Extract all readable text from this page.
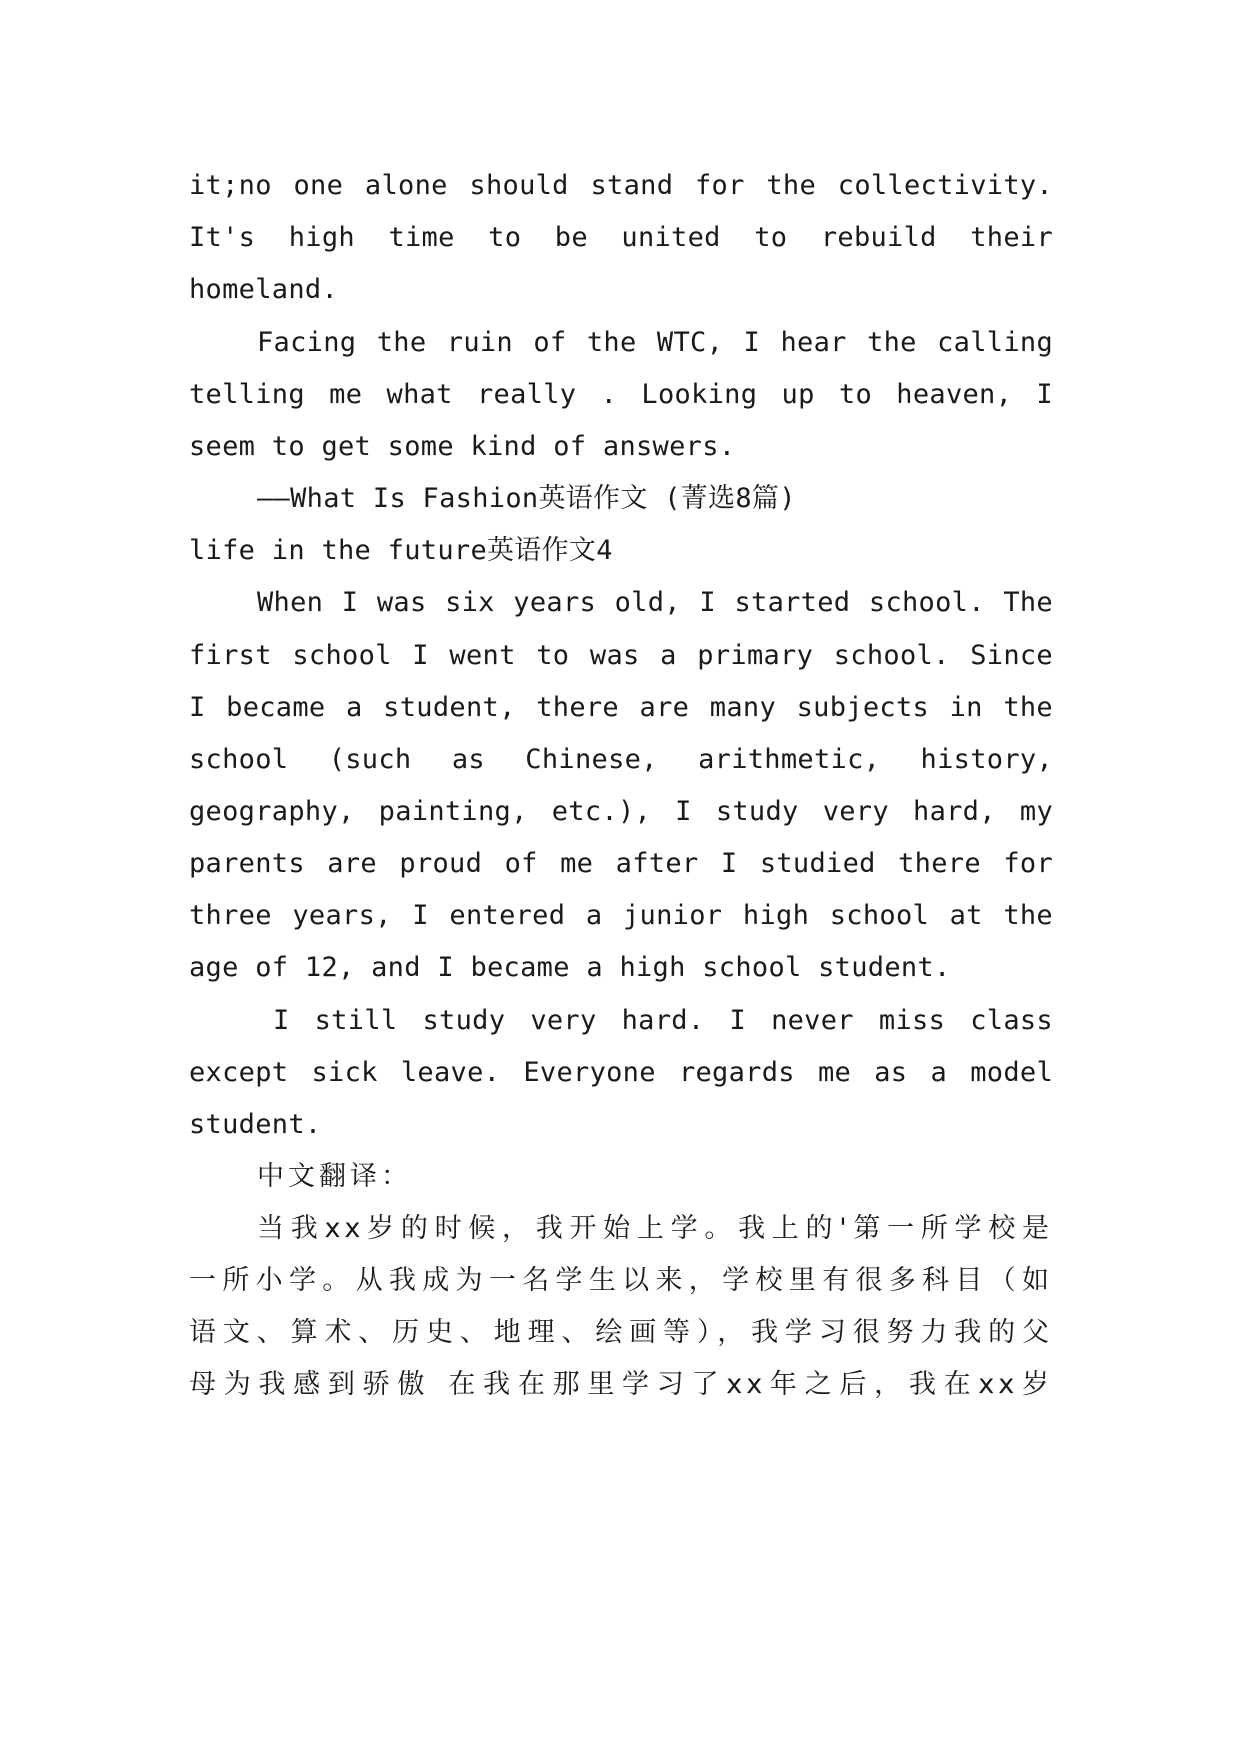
it;no one alone should stand for the collectivity.
It's high time to be united to rebuild their
homeland.
Facing the ruin of the WTC, I hear the calling
telling me what really . Looking up to heaven, I
seem to get some kind of answers.
——What Is Fashion英语作文 (菁选8篇)
life in the future英语作文4
When I was six years old, I started school. The
first school I went to was a primary school. Since
I became a student, there are many subjects in the
school (such as Chinese, arithmetic, history,
geography, painting, etc.), I study very hard, my
parents are proud of me after I studied there for
three years, I entered a junior high school at the
age of 12, and I became a high school student.
I still study very hard. I never miss class
except sick leave. Everyone regards me as a model
student.
中文翻译：
当我xx岁的时候，我开始上学。我上的'第一所学校是
一所小学。从我成为一名学生以来，学校里有很多科目（如
语文、算术、历史、地理、绘画等），我学习很努力我的父
母为我感到骄傲 在我在那里学习了xx年之后，我在xx岁
